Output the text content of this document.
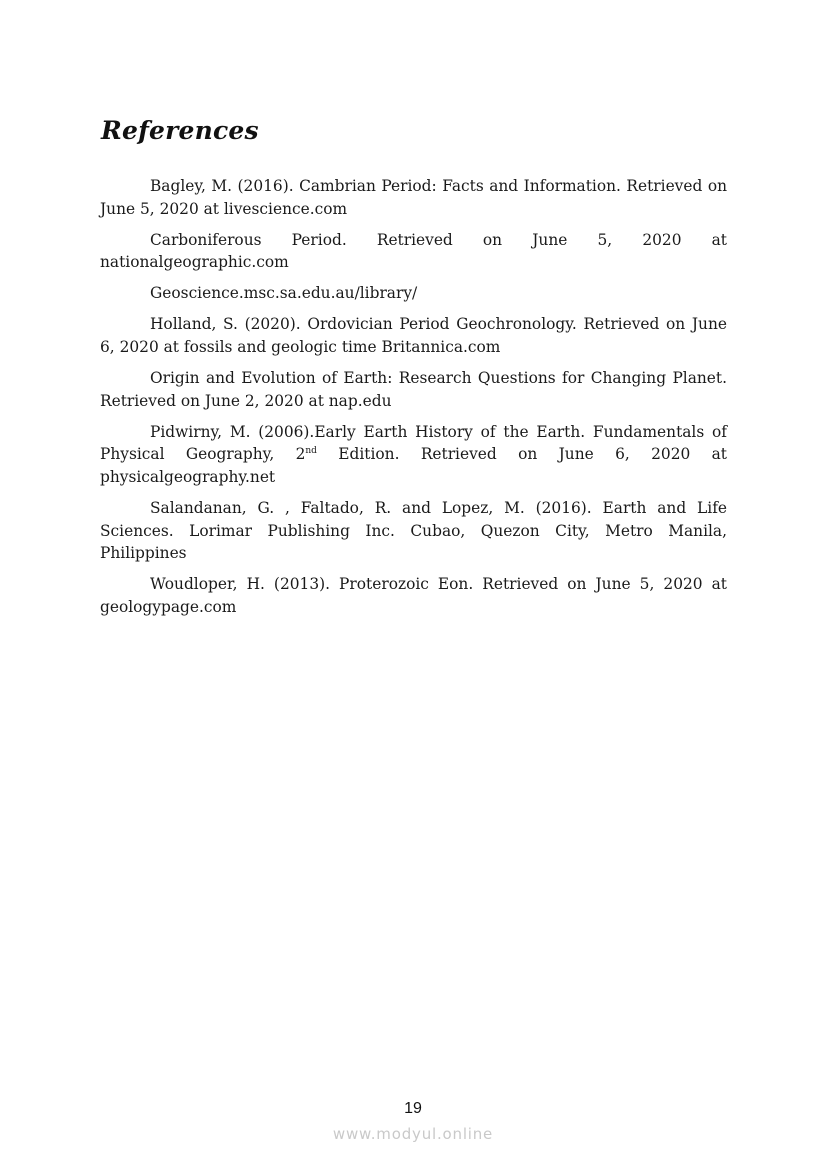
References

Bagley, M. (2016). Cambrian Period: Facts and Information. Retrieved on June 5, 2020 at livescience.com

Carboniferous Period. Retrieved on June 5, 2020 at nationalgeographic.com

Geoscience.msc.sa.edu.au/library/

Holland, S. (2020). Ordovician Period Geochronology. Retrieved on June 6, 2020 at fossils and geologic time Britannica.com

Origin and Evolution of Earth: Research Questions for Changing Planet. Retrieved on June 2, 2020 at nap.edu

Pidwirny, M. (2006).Early Earth History of the Earth. Fundamentals of Physical Geography, 2nd Edition. Retrieved on June 6, 2020 at physicalgeography.net

Salandanan, G. , Faltado, R. and Lopez, M. (2016). Earth and Life Sciences. Lorimar Publishing Inc. Cubao, Quezon City, Metro Manila, Philippines

Woudloper, H. (2013). Proterozoic Eon. Retrieved on June 5, 2020 at geologypage.com

19
www.modyul.online
